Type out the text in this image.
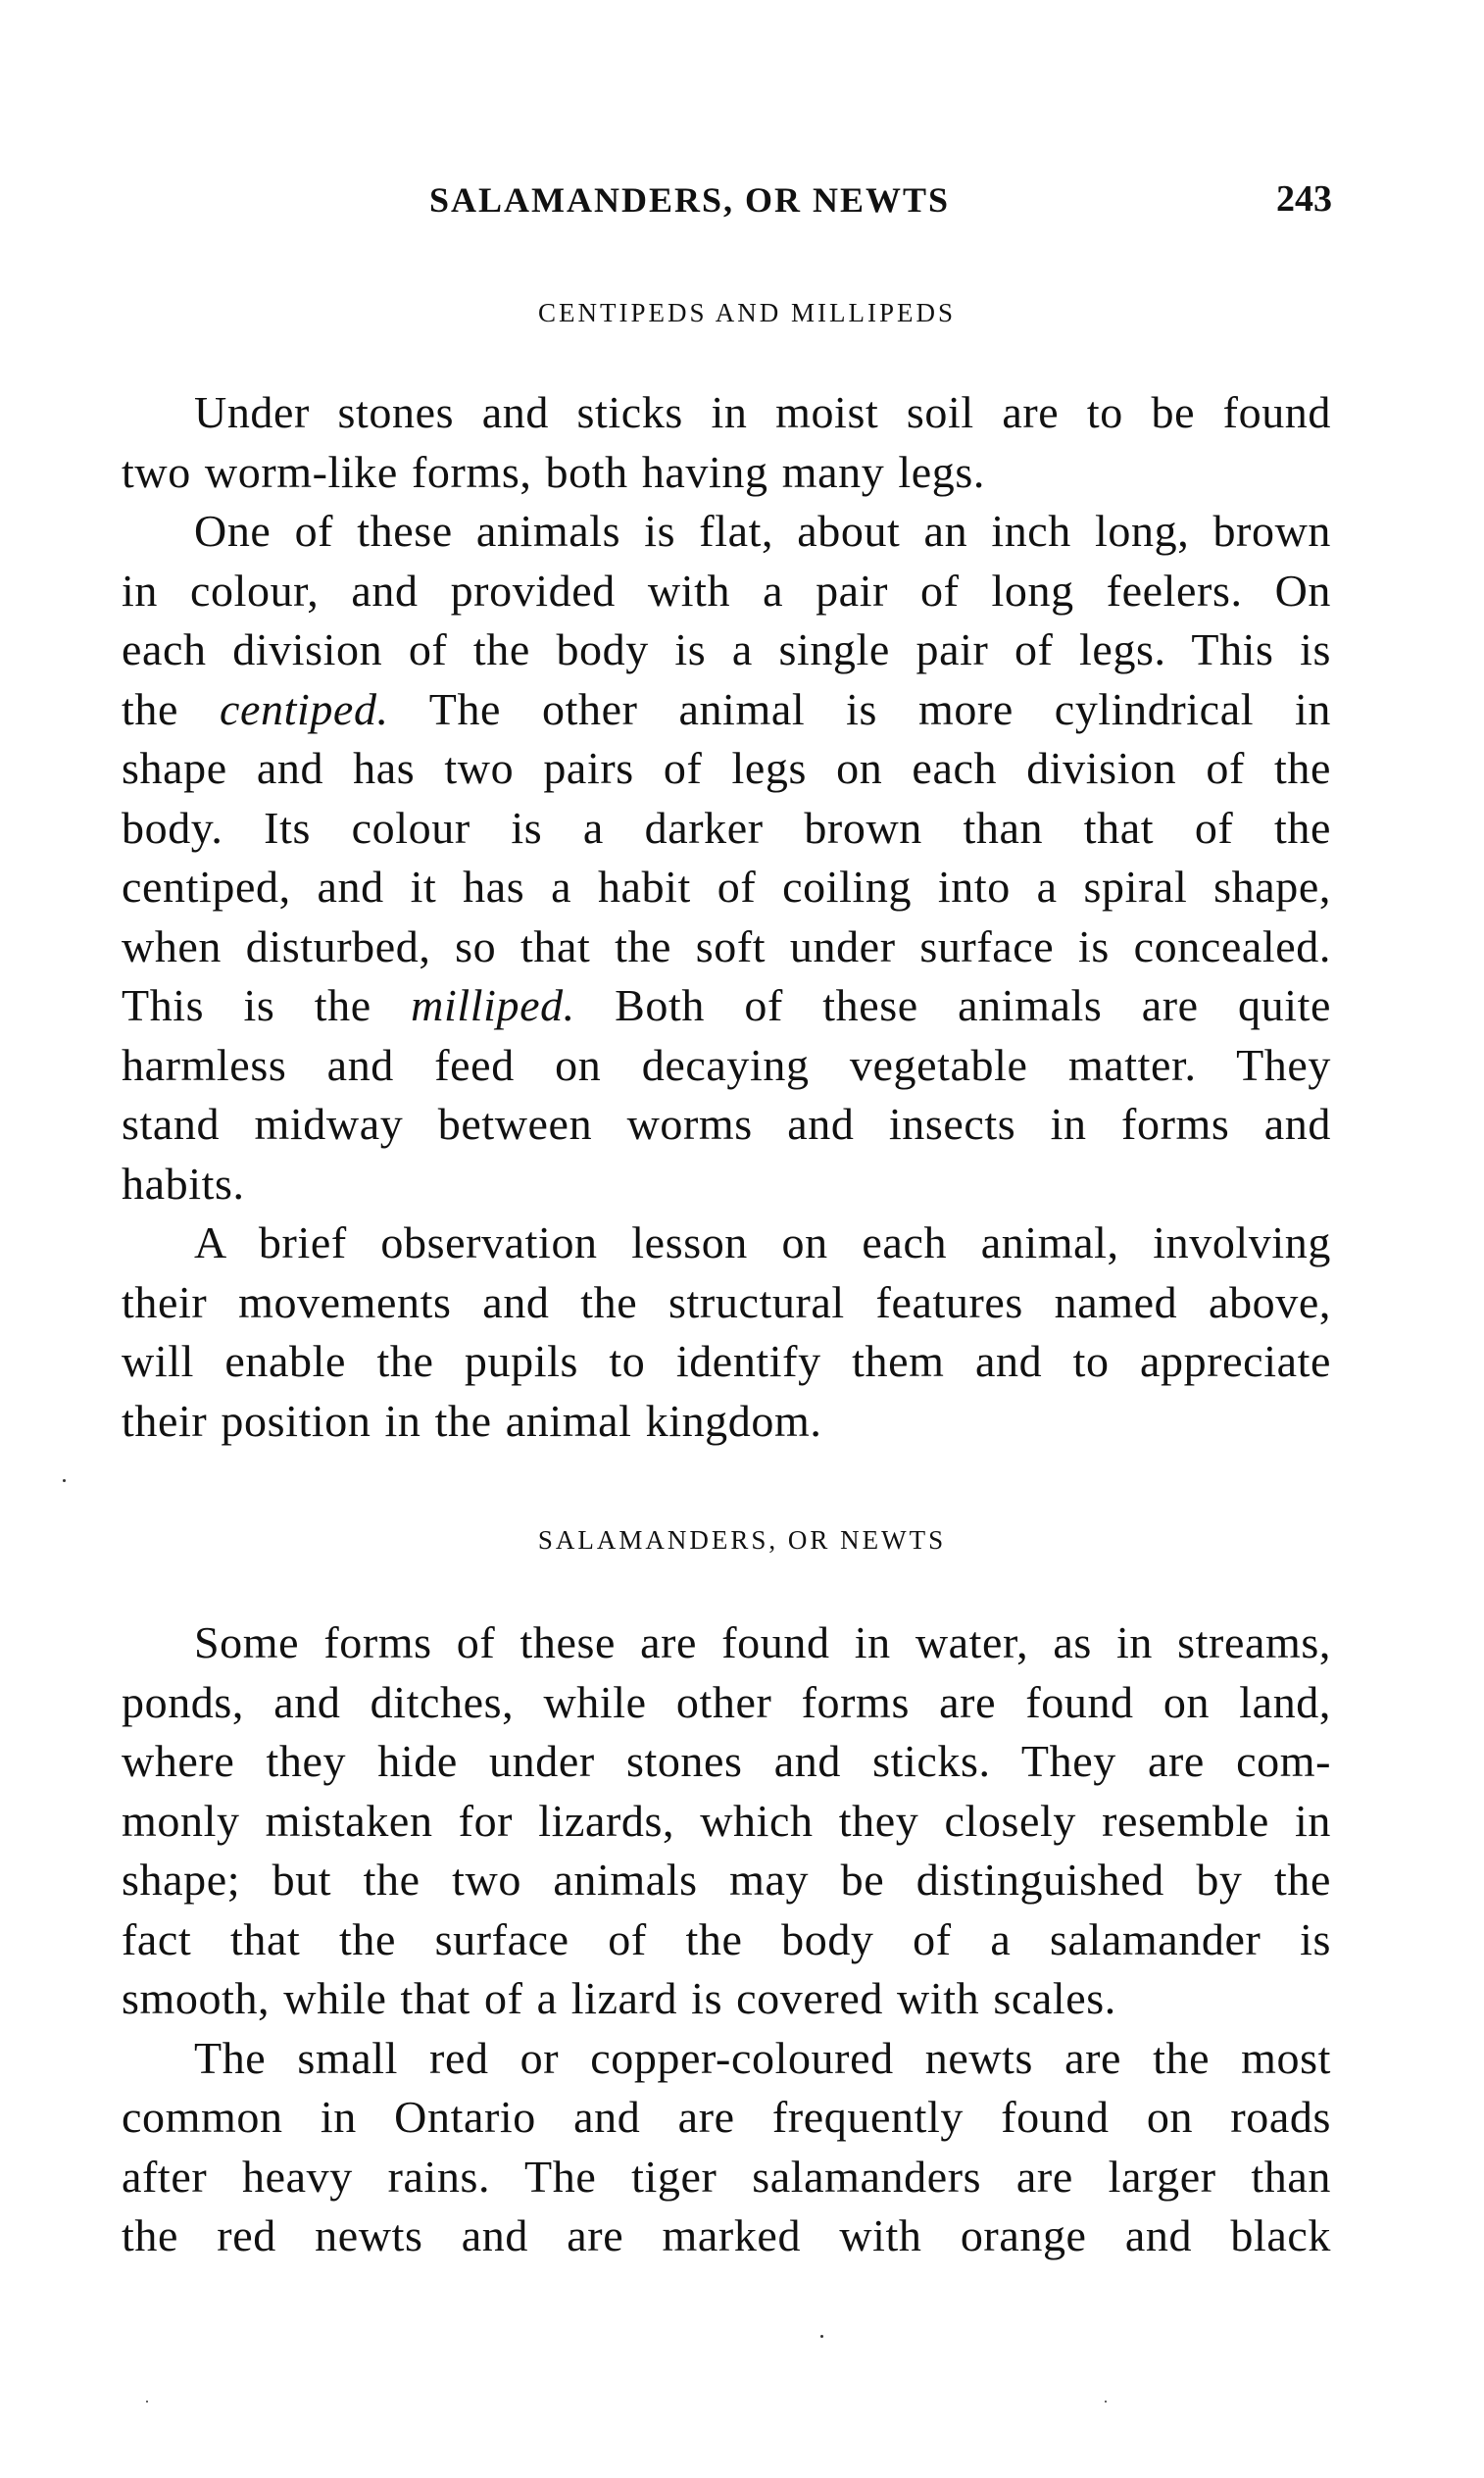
SALAMANDERS, OR NEWTS	243
CENTIPEDS AND MILLIPEDS
Under stones and sticks in moist soil are to be found
two worm-like forms, both having many legs.
One of these animals is flat, about an inch long, brown
in colour, and provided with a pair of long feelers. On
each division of the body is a single pair of legs. This is
the centiped. The other animal is more cylindrical in
shape and has two pairs of legs on each division of the
body. Its colour is a darker brown than that of the
centiped, and it has a habit of coiling into a spiral shape,
when disturbed, so that the soft under surface is concealed.
This is the milliped. Both of these animals are quite
harmless and feed on decaying vegetable matter. They
stand midway between worms and insects in forms and
habits.
A brief observation lesson on each animal, involving
their movements and the structural features named above,
will enable the pupils to identify them and to appreciate
their position in the animal kingdom.
SALAMANDERS, OR NEWTS
Some forms of these are found in water, as in streams,
ponds, and ditches, while other forms are found on land,
where they hide under stones and sticks. They are com-
monly mistaken for lizards, which they closely resemble in
shape; but the two animals may be distinguished by the
fact that the surface of the body of a salamander is
smooth, while that of a lizard is covered with scales.
The small red or copper-coloured newts are the most
common in Ontario and are frequently found on roads
after heavy rains. The tiger salamanders are larger than
the red newts and are marked with orange and black
